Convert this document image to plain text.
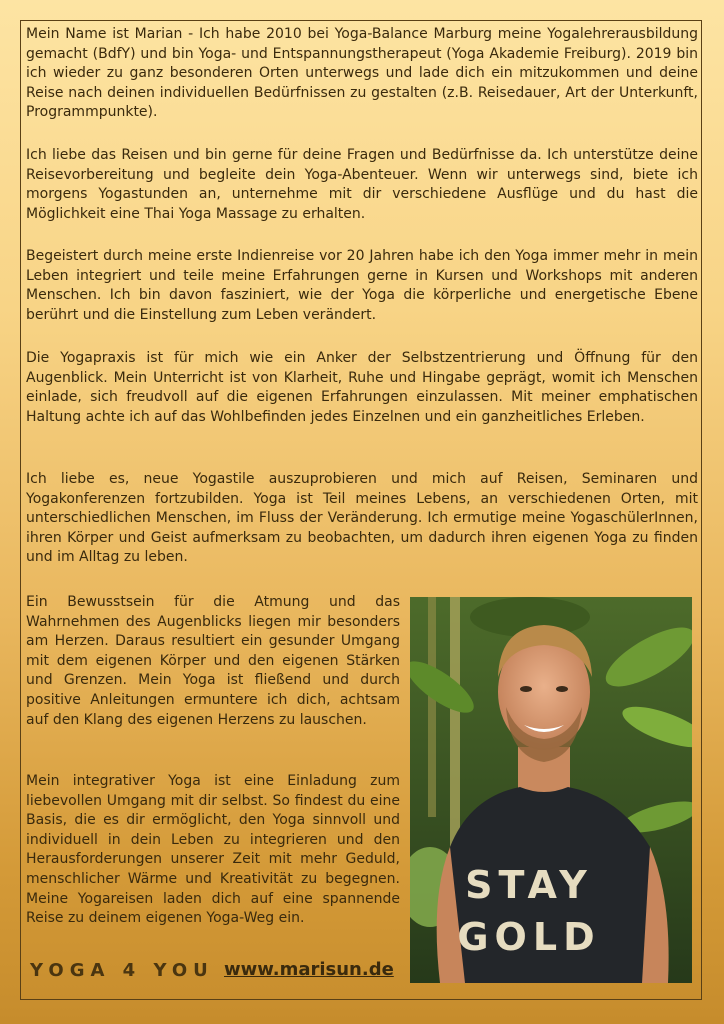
Mein Name ist Marian - Ich habe 2010 bei Yoga-Balance Marburg meine Yogalehrerausbildung gemacht (BdfY) und bin Yoga- und Entspannungstherapeut (Yoga Akademie Freiburg). 2019 bin ich wieder zu ganz besonderen Orten unterwegs und lade dich ein mitzukommen und deine Reise nach deinen individuellen Bedürfnissen zu gestalten (z.B. Reisedauer, Art der Unterkunft, Programmpunkte).

Ich liebe das Reisen und bin gerne für deine Fragen und Bedürfnisse da. Ich unterstütze deine Reisevorbereitung und begleite dein Yoga-Abenteuer. Wenn wir unterwegs sind, biete ich morgens Yogastunden an, unternehme mit dir verschiedene Ausflüge und du hast die Möglichkeit eine Thai Yoga Massage zu erhalten.

Begeistert durch meine erste Indienreise vor 20 Jahren habe ich den Yoga immer mehr in mein Leben integriert und teile meine Erfahrungen gerne in Kursen und Workshops mit anderen Menschen. Ich bin davon fasziniert, wie der Yoga die körperliche und energetische Ebene berührt und die Einstellung zum Leben verändert.

Die Yogapraxis ist für mich wie ein Anker der Selbstzentrierung und Öffnung für den Augenblick. Mein Unterricht ist von Klarheit, Ruhe und Hingabe geprägt, womit ich Menschen einlade, sich freudvoll auf die eigenen Erfahrungen einzulassen. Mit meiner emphatischen Haltung achte ich auf das Wohlbefinden jedes Einzelnen und ein ganzheitliches Erleben.

Ich liebe es, neue Yogastile auszuprobieren und mich auf Reisen, Seminaren und Yogakonferenzen fortzubilden. Yoga ist Teil meines Lebens, an verschiedenen Orten, mit unterschiedlichen Menschen, im Fluss der Veränderung. Ich ermutige meine YogaschülerInnen, ihren Körper und Geist aufmerksam zu beobachten, um dadurch ihren eigenen Yoga zu finden und im Alltag zu leben.

Ein Bewusstsein für die Atmung und das Wahrnehmen des Augenblicks liegen mir besonders am Herzen. Daraus resultiert ein gesunder Umgang mit dem eigenen Körper und den eigenen Stärken und Grenzen. Mein Yoga ist fließend und durch positive Anleitungen ermuntere ich dich, achtsam auf den Klang des eigenen Herzens zu lauschen.

Mein integrativer Yoga ist eine Einladung zum liebevollen Umgang mit dir selbst. So findest du eine Basis, die es dir ermöglicht, den Yoga sinnvoll und individuell in dein Leben zu integrieren und den Herausforderungen unserer Zeit mit mehr Geduld, menschlicher Wärme und Kreativität zu begegnen. Meine Yogareisen laden dich auf eine spannende Reise zu deinem eigenen Yoga-Weg ein.

STAY
GOLD
YOGA 4 YOU www.marisun.de
